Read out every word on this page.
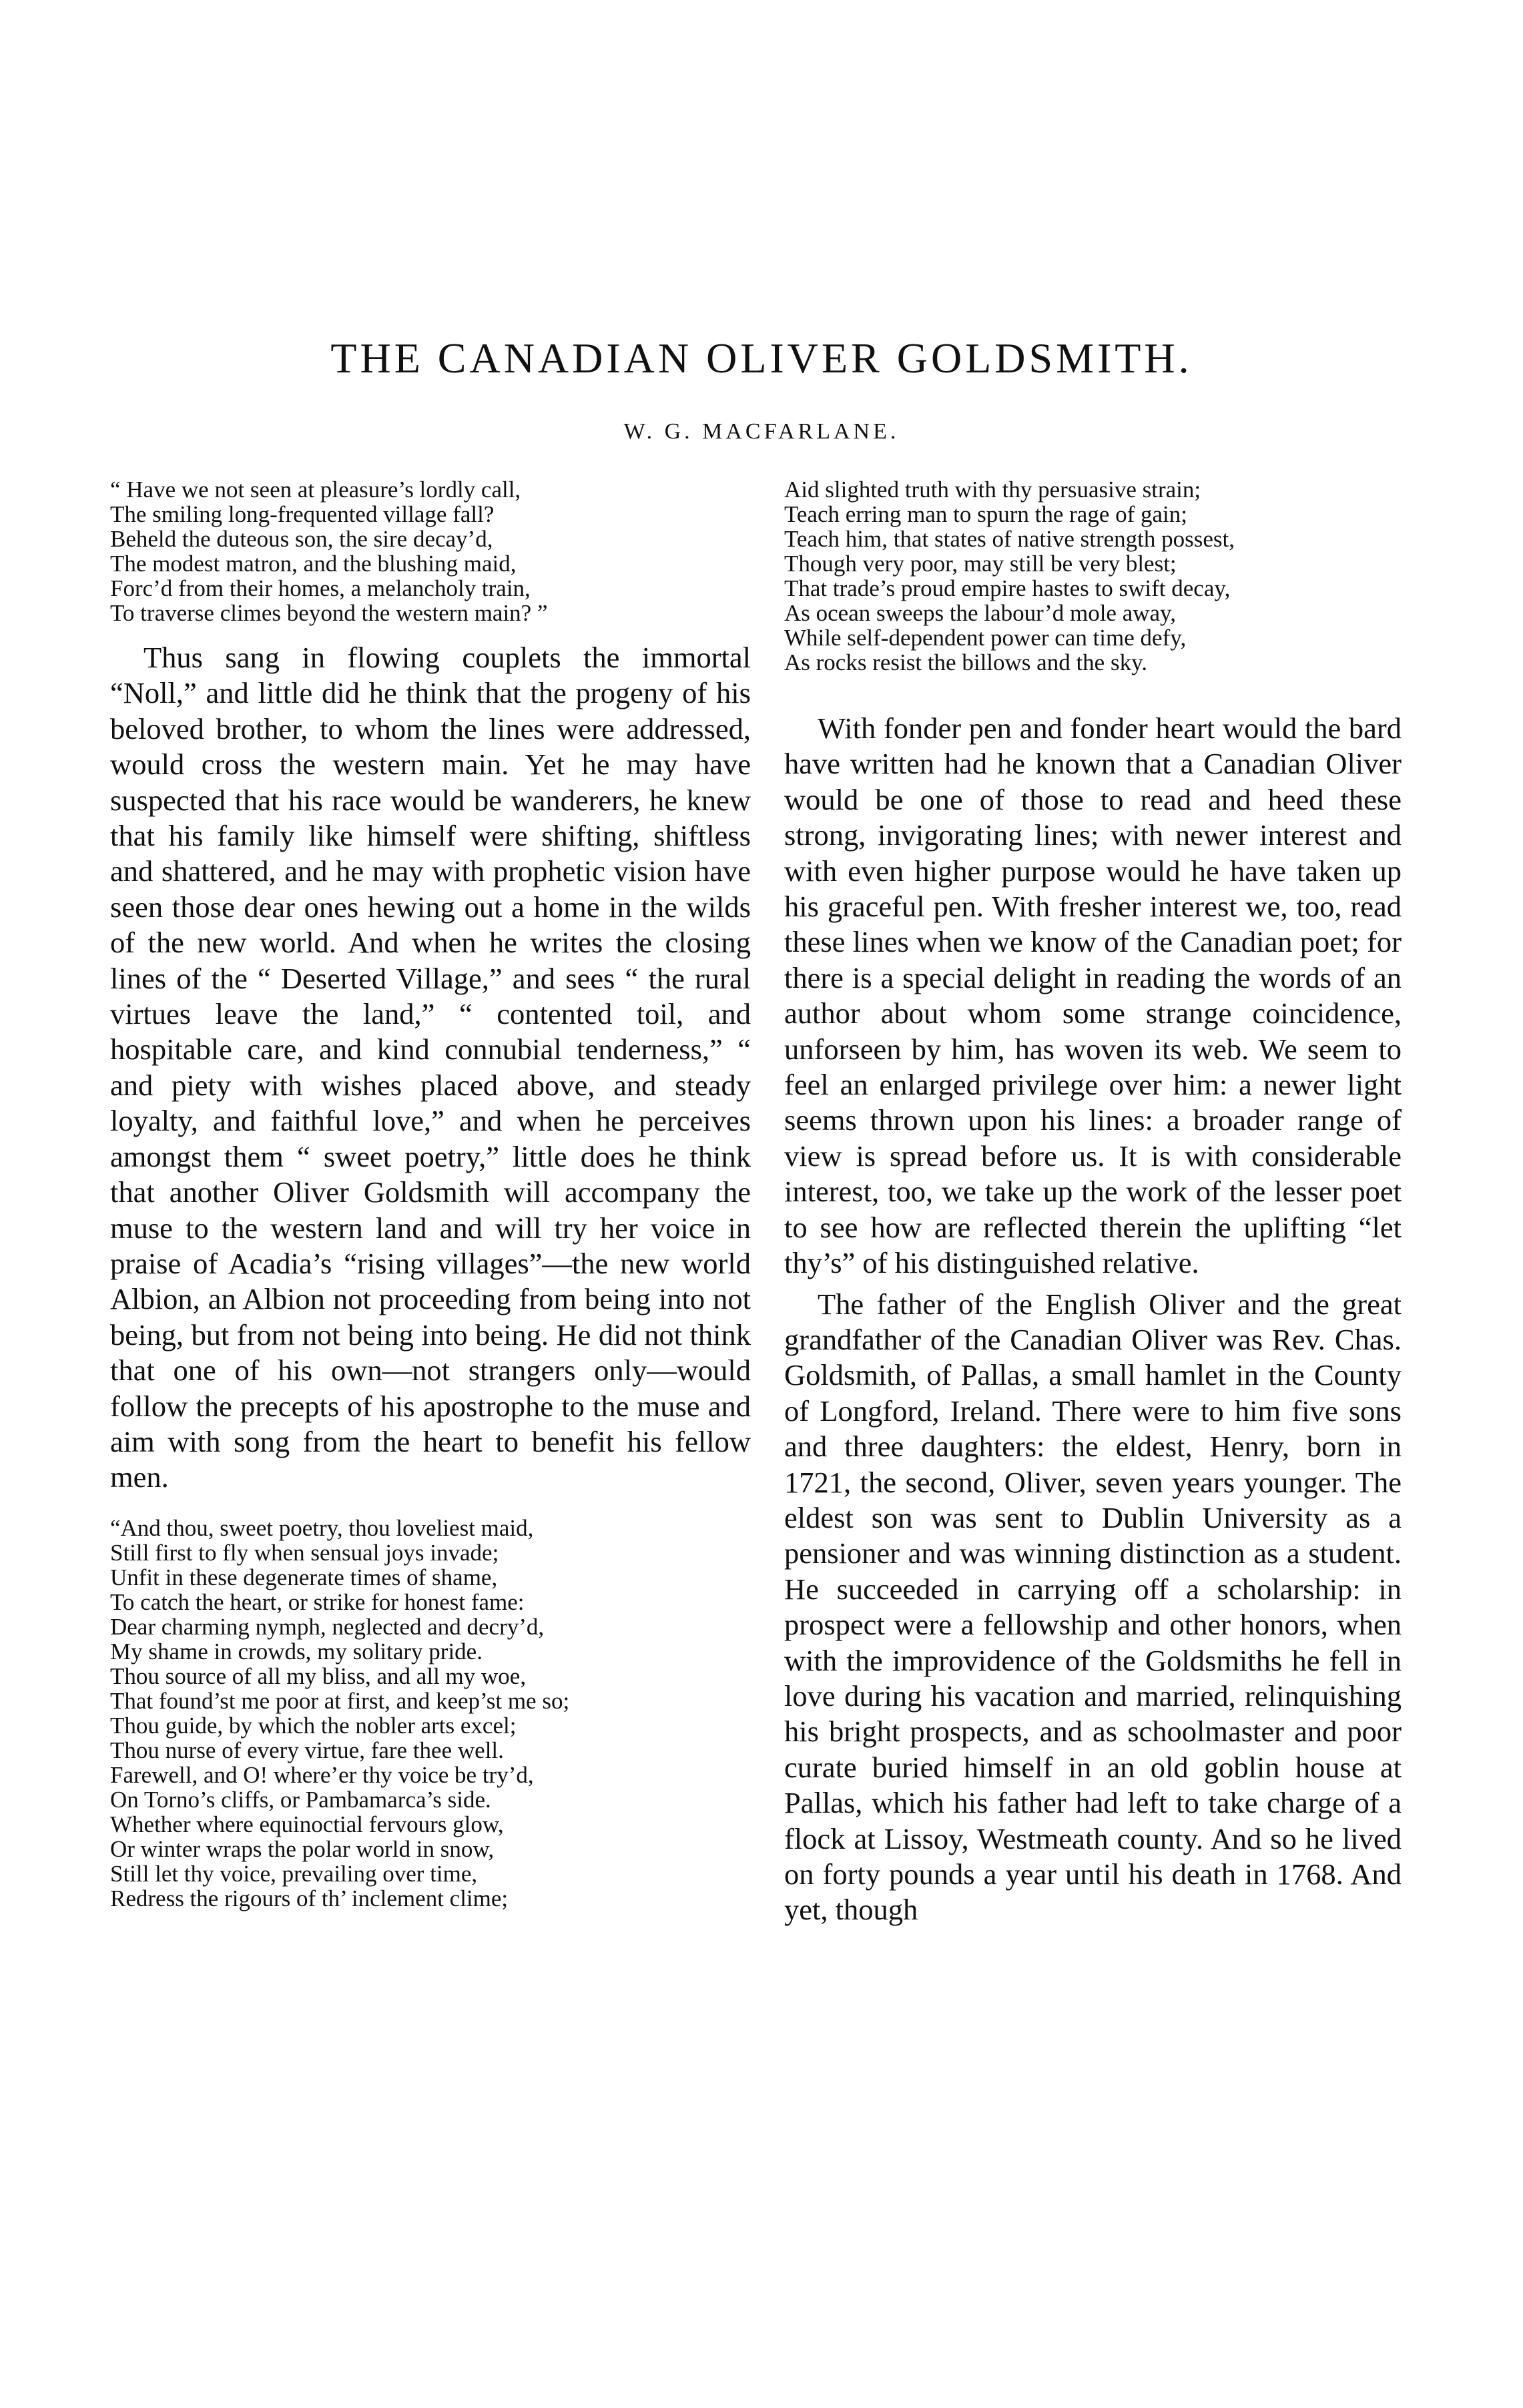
THE CANADIAN OLIVER GOLDSMITH.
W. G. MACFARLANE.
“ Have we not seen at pleasure’s lordly call,
The smiling long-frequented village fall?
Beheld the duteous son, the sire decay’d,
The modest matron, and the blushing maid,
Forc’d from their homes, a melancholy train,
To traverse climes beyond the western main? ”

Thus sang in flowing couplets the immortal “Noll,” and little did he think that the progeny of his beloved brother, to whom the lines were addressed, would cross the western main. Yet he may have suspected that his race would be wanderers, he knew that his family like himself were shifting, shiftless and shattered, and he may with prophetic vision have seen those dear ones hewing out a home in the wilds of the new world. And when he writes the closing lines of the “ Deserted Village,” and sees “ the rural virtues leave the land,” “ contented toil, and hospitable care, and kind connubial tenderness,” “ and piety with wishes placed above, and steady loyalty, and faithful love,” and when he perceives amongst them “ sweet poetry,” little does he think that another Oliver Goldsmith will accompany the muse to the western land and will try her voice in praise of Acadia’s “rising villages”—the new world Albion, an Albion not proceeding from being into not being, but from not being into being. He did not think that one of his own—not strangers only—would follow the precepts of his apostrophe to the muse and aim with song from the heart to benefit his fellow men.

“And thou, sweet poetry, thou loveliest maid,
Still first to fly when sensual joys invade;
Unfit in these degenerate times of shame,
To catch the heart, or strike for honest fame:
Dear charming nymph, neglected and decry’d,
My shame in crowds, my solitary pride.
Thou source of all my bliss, and all my woe,
That found’st me poor at first, and keep’st me so;
Thou guide, by which the nobler arts excel;
Thou nurse of every virtue, fare thee well.
Farewell, and O! where’er thy voice be try’d,
On Torno’s cliffs, or Pambamarca’s side.
Whether where equinoctial fervours glow,
Or winter wraps the polar world in snow,
Still let thy voice, prevailing over time,
Redress the rigours of th’ inclement clime;
Aid slighted truth with thy persuasive strain;
Teach erring man to spurn the rage of gain;
Teach him, that states of native strength possest,
Though very poor, may still be very blest;
That trade’s proud empire hastes to swift decay,
As ocean sweeps the labour’d mole away,
While self-dependent power can time defy,
As rocks resist the billows and the sky.

With fonder pen and fonder heart would the bard have written had he known that a Canadian Oliver would be one of those to read and heed these strong, invigorating lines; with newer interest and with even higher purpose would he have taken up his graceful pen. With fresher interest we, too, read these lines when we know of the Canadian poet; for there is a special delight in reading the words of an author about whom some strange coincidence, unforseen by him, has woven its web. We seem to feel an enlarged privilege over him: a newer light seems thrown upon his lines: a broader range of view is spread before us. It is with considerable interest, too, we take up the work of the lesser poet to see how are reflected therein the uplifting “let thy’s” of his distinguished relative.

The father of the English Oliver and the great grandfather of the Canadian Oliver was Rev. Chas. Goldsmith, of Pallas, a small hamlet in the County of Longford, Ireland. There were to him five sons and three daughters: the eldest, Henry, born in 1721, the second, Oliver, seven years younger. The eldest son was sent to Dublin University as a pensioner and was winning distinction as a student. He succeeded in carrying off a scholarship: in prospect were a fellowship and other honors, when with the improvidence of the Goldsmiths he fell in love during his vacation and married, relinquishing his bright prospects, and as schoolmaster and poor curate buried himself in an old goblin house at Pallas, which his father had left to take charge of a flock at Lissoy, Westmeath county. And so he lived on forty pounds a year until his death in 1768. And yet, though
